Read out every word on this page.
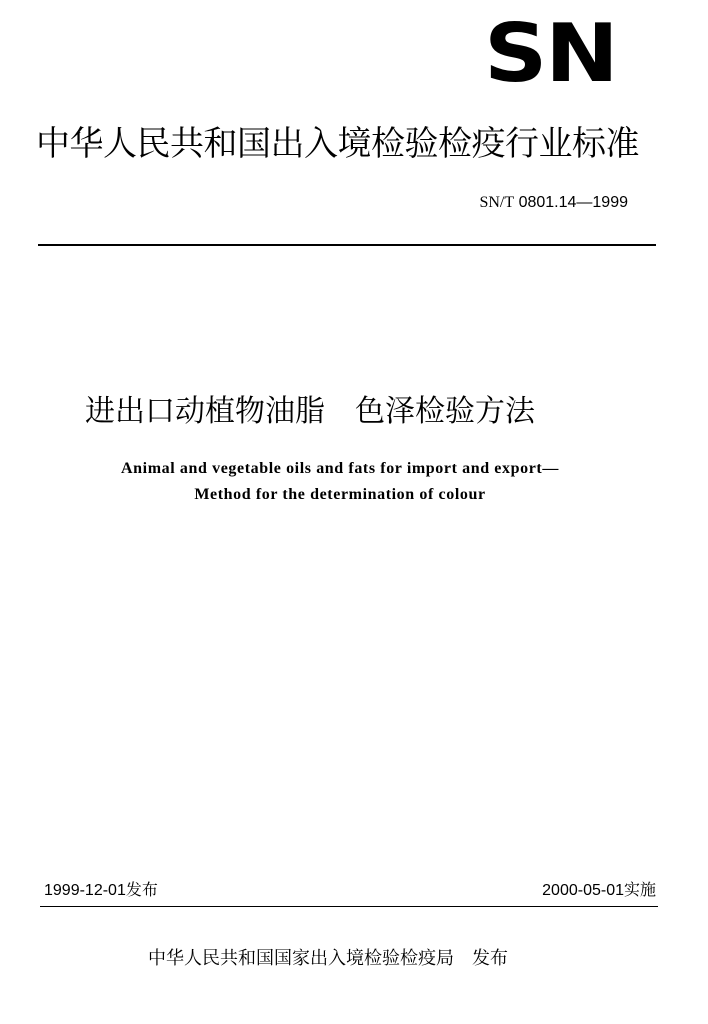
SN
中华人民共和国出入境检验检疫行业标准
SN/T 0801.14—1999
进出口动植物油脂　色泽检验方法
Animal and vegetable oils and fats for import and export—
Method for the determination of colour
1999-12-01发布	2000-05-01实施
中华人民共和国国家出入境检验检疫局　发布
